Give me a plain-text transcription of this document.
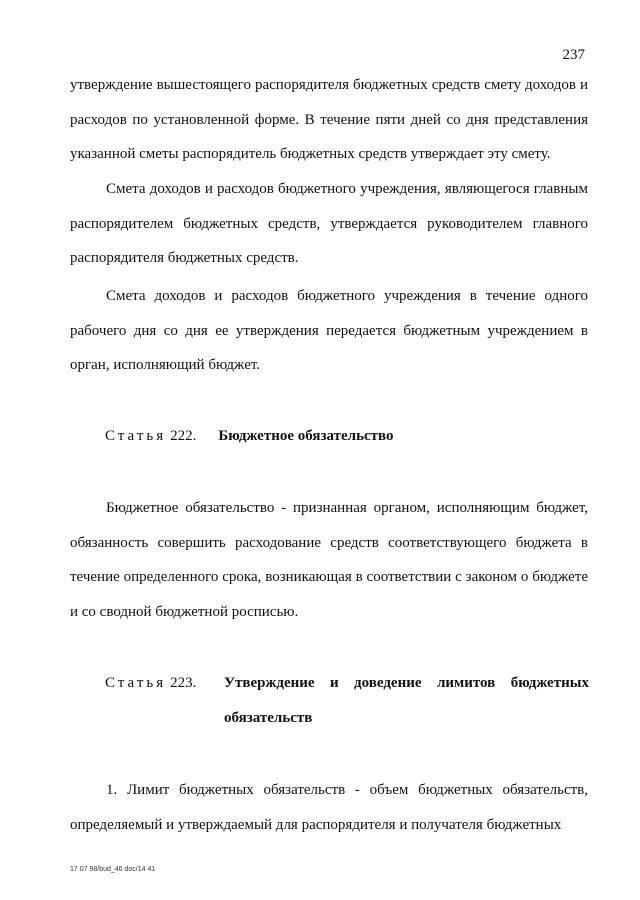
237

утверждение вышестоящего распорядителя бюджетных средств смету доходов и расходов по установленной форме. В течение пяти дней со дня представления указанной сметы распорядитель бюджетных средств утверждает эту смету.

Смета доходов и расходов бюджетного учреждения, являющегося главным распорядителем бюджетных средств, утверждается руководителем главного распорядителя бюджетных средств.

Смета доходов и расходов бюджетного учреждения в течение одного рабочего дня со дня ее утверждения передается бюджетным учреждением в орган, исполняющий бюджет.

Статья 222. Бюджетное обязательство

Бюджетное обязательство - признанная органом, исполняющим бюджет, обязанность совершить расходование средств соответствующего бюджета в течение определенного срока, возникающая в соответствии с законом о бюджете и со сводной бюджетной росписью.

Статья 223. Утверждение и доведение лимитов бюджетных
обязательств

1. Лимит бюджетных обязательств - объем бюджетных обязательств, определяемый и утверждаемый для распорядителя и получателя бюджетных

17 07 98/bud_46 doc/14 41
